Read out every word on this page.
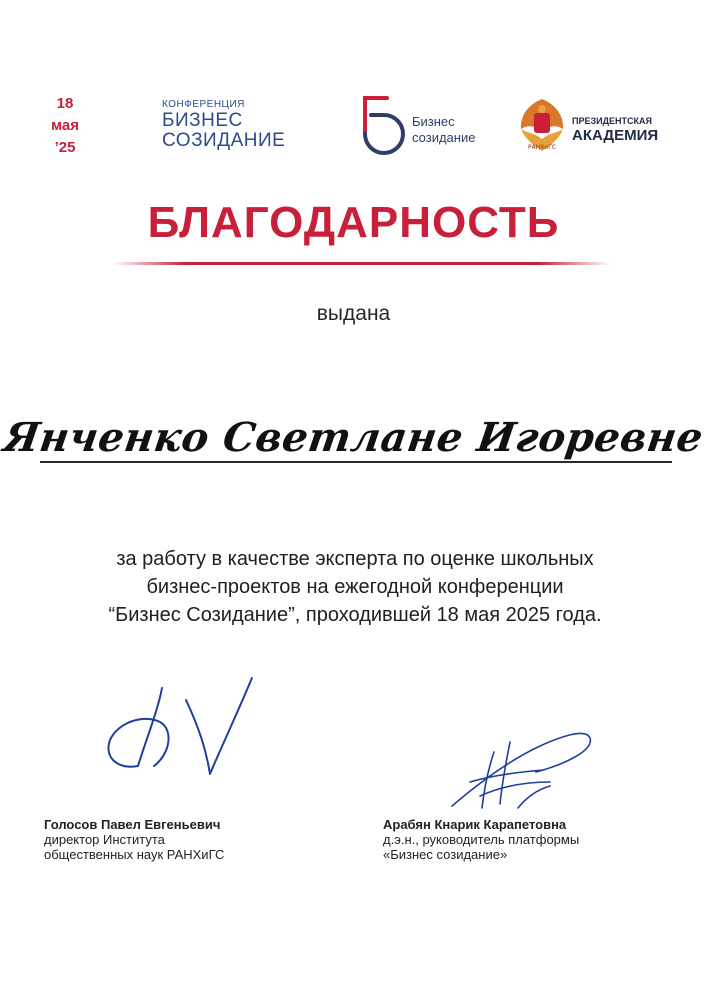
18
мая
’25
КОНФЕРЕНЦИЯ
БИЗНЕС
СОЗИДАНИЕ
Бизнес
созидание
РАНХиГС
ПРЕЗИДЕНТСКАЯ
АКАДЕМИЯ
БЛАГОДАРНОСТЬ
выдана
Янченко Светлане Игоревне
за работу в качестве эксперта по оценке школьных
бизнес-проектов на ежегодной конференции
“Бизнес Созидание”, проходившей 18 мая 2025 года.
Голосов Павел Евгеньевич
директор Института
общественных наук РАНХиГС
Арабян Кнарик Карапетовна
д.э.н., руководитель платформы
«Бизнес созидание»
